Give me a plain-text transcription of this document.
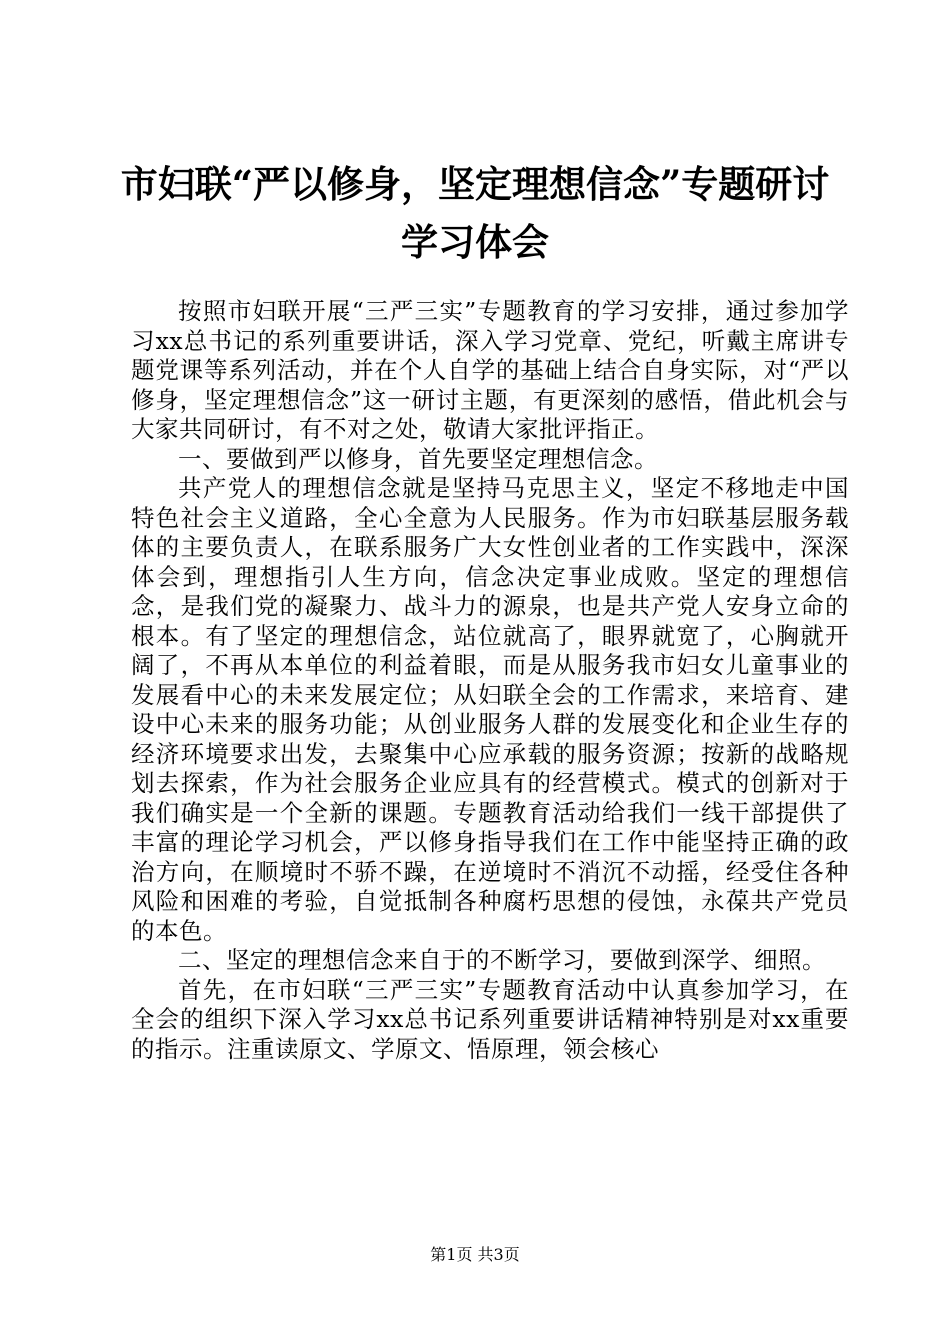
市妇联“严以修身，坚定理想信念”专题研讨
学习体会

按照市妇联开展“三严三实”专题教育的学习安排，通过参加学习xx总书记的系列重要讲话，深入学习党章、党纪，听戴主席讲专题党课等系列活动，并在个人自学的基础上结合自身实际，对“严以修身，坚定理想信念”这一研讨主题，有更深刻的感悟，借此机会与大家共同研讨，有不对之处，敬请大家批评指正。

一、要做到严以修身，首先要坚定理想信念。

共产党人的理想信念就是坚持马克思主义，坚定不移地走中国特色社会主义道路，全心全意为人民服务。作为市妇联基层服务载体的主要负责人，在联系服务广大女性创业者的工作实践中，深深体会到，理想指引人生方向，信念决定事业成败。坚定的理想信念，是我们党的凝聚力、战斗力的源泉，也是共产党人安身立命的根本。有了坚定的理想信念，站位就高了，眼界就宽了，心胸就开阔了，不再从本单位的利益着眼，而是从服务我市妇女儿童事业的发展看中心的未来发展定位；从妇联全会的工作需求，来培育、建设中心未来的服务功能；从创业服务人群的发展变化和企业生存的经济环境要求出发，去聚集中心应承载的服务资源；按新的战略规划去探索，作为社会服务企业应具有的经营模式。模式的创新对于我们确实是一个全新的课题。专题教育活动给我们一线干部提供了丰富的理论学习机会，严以修身指导我们在工作中能坚持正确的政治方向，在顺境时不骄不躁，在逆境时不消沉不动摇，经受住各种风险和困难的考验，自觉抵制各种腐朽思想的侵蚀，永葆共产党员的本色。

二、坚定的理想信念来自于的不断学习，要做到深学、细照。

首先，在市妇联“三严三实”专题教育活动中认真参加学习，在全会的组织下深入学习xx总书记系列重要讲话精神特别是对xx重要的指示。注重读原文、学原文、悟原理，领会核心

第1页 共3页
